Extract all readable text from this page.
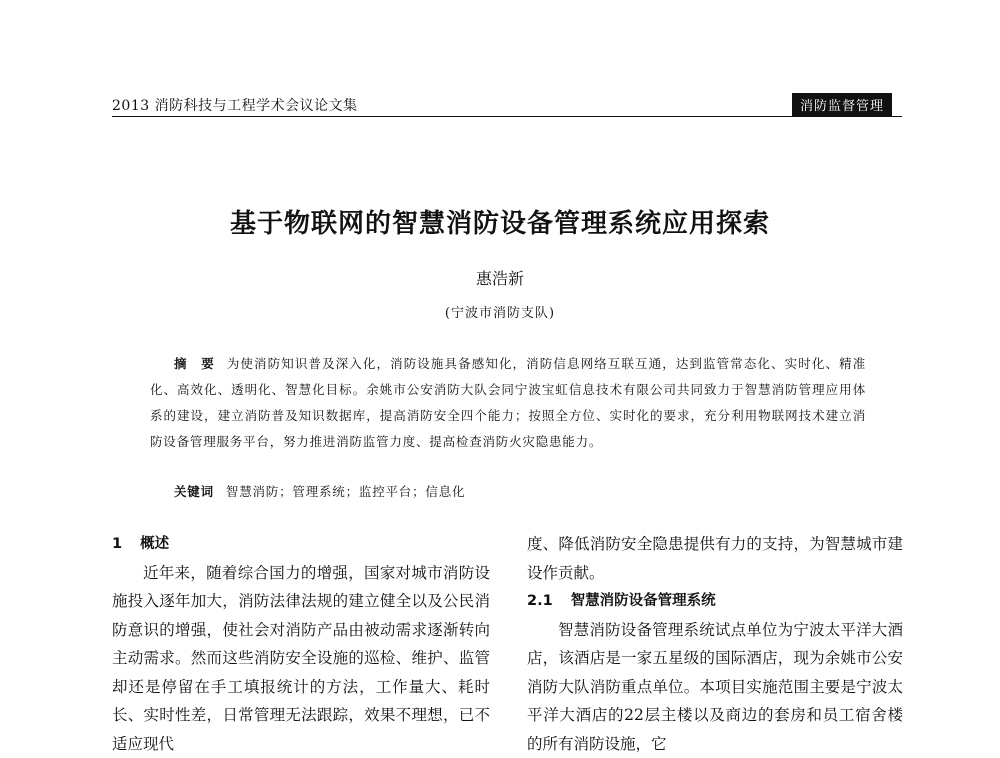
2013 消防科技与工程学术会议论文集	消防监督管理
基于物联网的智慧消防设备管理系统应用探索
惠浩新
(宁波市消防支队)
摘　要 为使消防知识普及深入化，消防设施具备感知化，消防信息网络互联互通，达到监管常态化、实时化、精准化、高效化、透明化、智慧化目标。余姚市公安消防大队会同宁波宝虹信息技术有限公司共同致力于智慧消防管理应用体系的建设，建立消防普及知识数据库，提高消防安全四个能力；按照全方位、实时化的要求，充分利用物联网技术建立消防设备管理服务平台，努力推进消防监管力度、提高检查消防火灾隐患能力。
关键词 智慧消防；管理系统；监控平台；信息化
1 概述

近年来，随着综合国力的增强，国家对城市消防设施投入逐年加大，消防法律法规的建立健全以及公民消防意识的增强，使社会对消防产品由被动需求逐渐转向主动需求。然而这些消防安全设施的巡检、维护、监管却还是停留在手工填报统计的方法，工作量大、耗时长、实时性差，日常管理无法跟踪，效果不理想，已不适应现代

度、降低消防安全隐患提供有力的支持，为智慧城市建设作贡献。

2.1 智慧消防设备管理系统

智慧消防设备管理系统试点单位为宁波太平洋大酒店，该酒店是一家五星级的国际酒店，现为余姚市公安消防大队消防重点单位。本项目实施范围主要是宁波太平洋大酒店的22层主楼以及商边的套房和员工宿舍楼的所有消防设施，它
